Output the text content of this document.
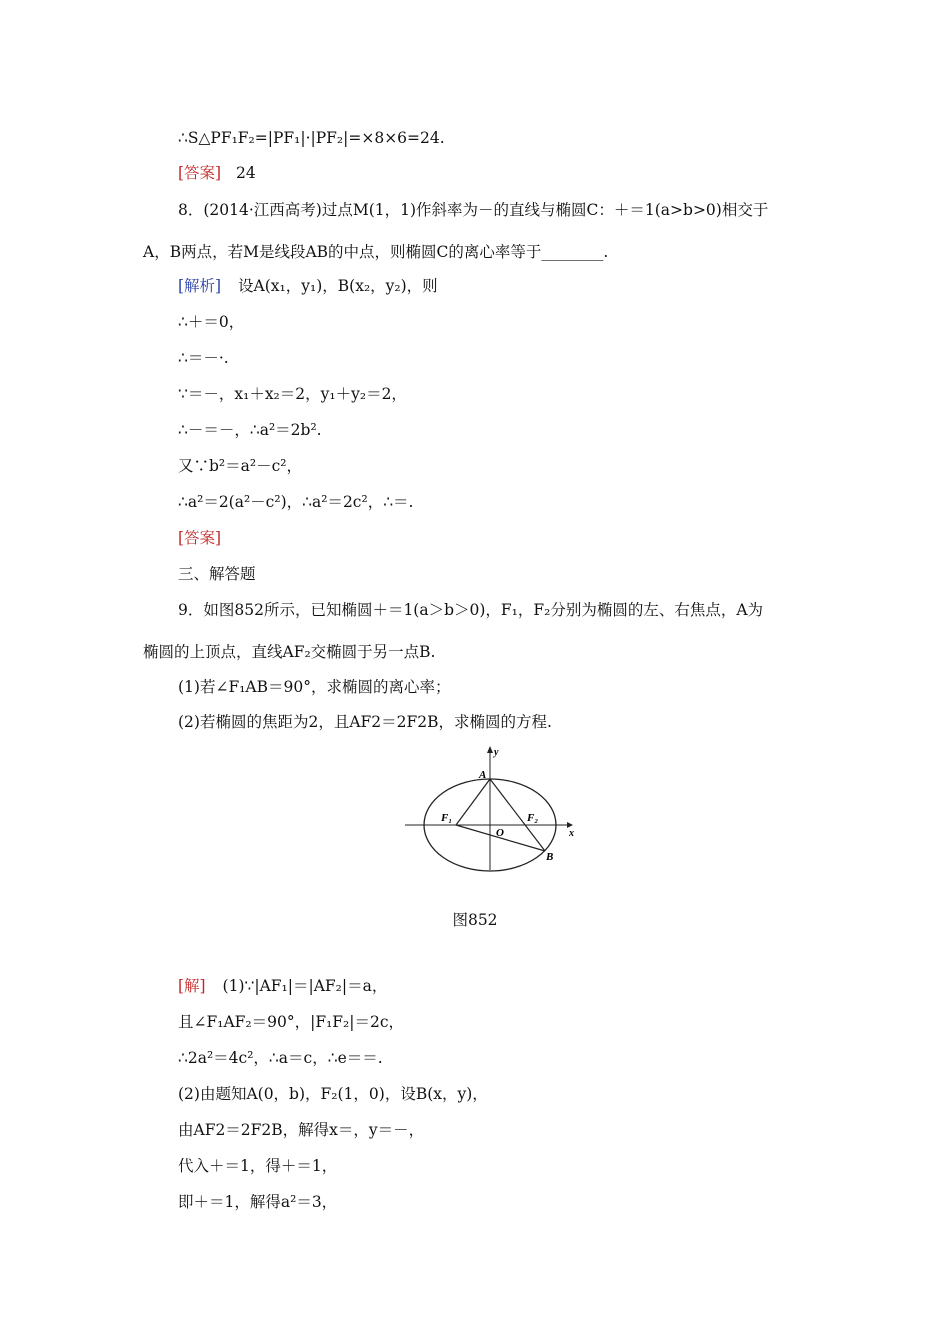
∴S△PF₁F₂=|PF₁|·|PF₂|=×8×6=24.
[答案] 24
8．(2014·江西高考)过点M(1，1)作斜率为－的直线与椭圆C：＋＝1(a>b>0)相交于
A，B两点，若M是线段AB的中点，则椭圆C的离心率等于________.
[解析] 设A(x₁，y₁)，B(x₂，y₂)，则
∴＋＝0，
∴＝－·.
∵＝－，x₁＋x₂＝2，y₁＋y₂＝2，
∴－＝－，∴a²＝2b².
又∵b²＝a²－c²，
∴a²＝2(a²－c²)，∴a²＝2c²，∴＝.
[答案]
三、解答题
9．如图852所示，已知椭圆＋＝1(a＞b＞0)，F₁，F₂分别为椭圆的左、右焦点，A为
椭圆的上顶点，直线AF₂交椭圆于另一点B.
(1)若∠F₁AB＝90°，求椭圆的离心率；
(2)若椭圆的焦距为2，且AF2＝2F2B，求椭圆的方程.
y
x
A
F₁	F₂
O
B
图852
[解] (1)∵|AF₁|＝|AF₂|＝a，
且∠F₁AF₂＝90°，|F₁F₂|＝2c，
∴2a²＝4c²，∴a＝c，∴e＝＝.
(2)由题知A(0，b)，F₂(1，0)，设B(x，y)，
由AF2＝2F2B，解得x＝，y＝－，
代入＋＝1，得＋＝1，
即＋＝1，解得a²＝3，
